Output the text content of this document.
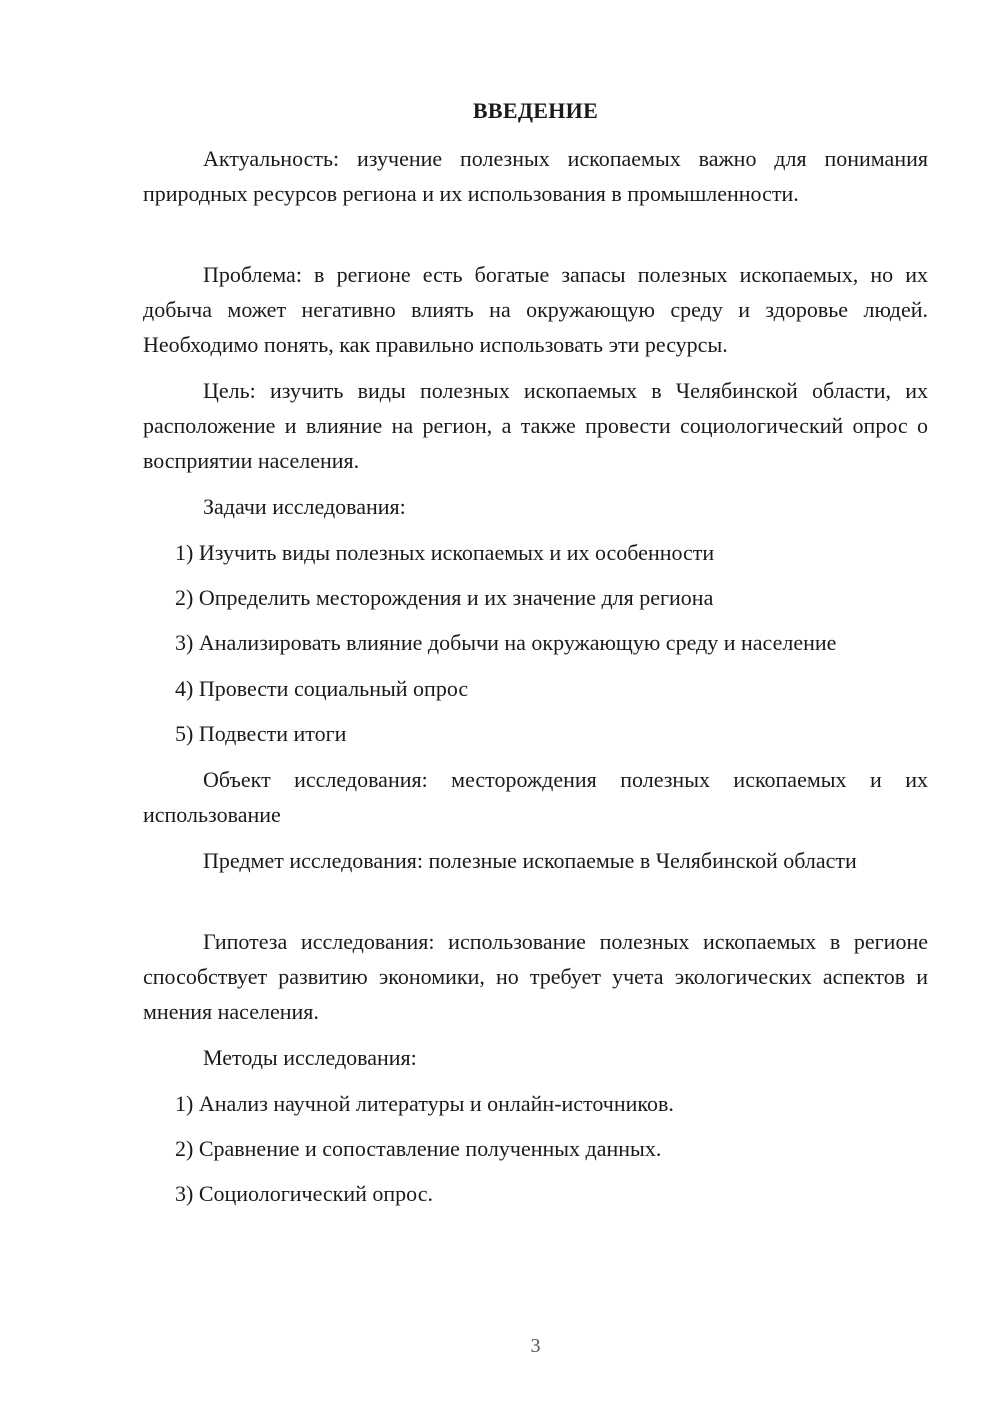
ВВЕДЕНИЕ

Актуальность: изучение полезных ископаемых важно для понимания природных ресурсов региона и их использования в промышленности.

Проблема: в регионе есть богатые запасы полезных ископаемых, но их добыча может негативно влиять на окружающую среду и здоровье людей. Необходимо понять, как правильно использовать эти ресурсы.

Цель: изучить виды полезных ископаемых в Челябинской области, их расположение и влияние на регион, а также провести социологический опрос о восприятии населения.

Задачи исследования:

1) Изучить виды полезных ископаемых и их особенности

2) Определить месторождения и их значение для региона

3) Анализировать влияние добычи на окружающую среду и население

4) Провести социальный опрос

5) Подвести итоги

Объект исследования: месторождения полезных ископаемых и их использование

Предмет исследования: полезные ископаемые в Челябинской области

Гипотеза исследования: использование полезных ископаемых в регионе способствует развитию экономики, но требует учета экологических аспектов и мнения населения.

Методы исследования:

1) Анализ научной литературы и онлайн-источников.

2) Сравнение и сопоставление полученных данных.

3) Социологический опрос.

3
